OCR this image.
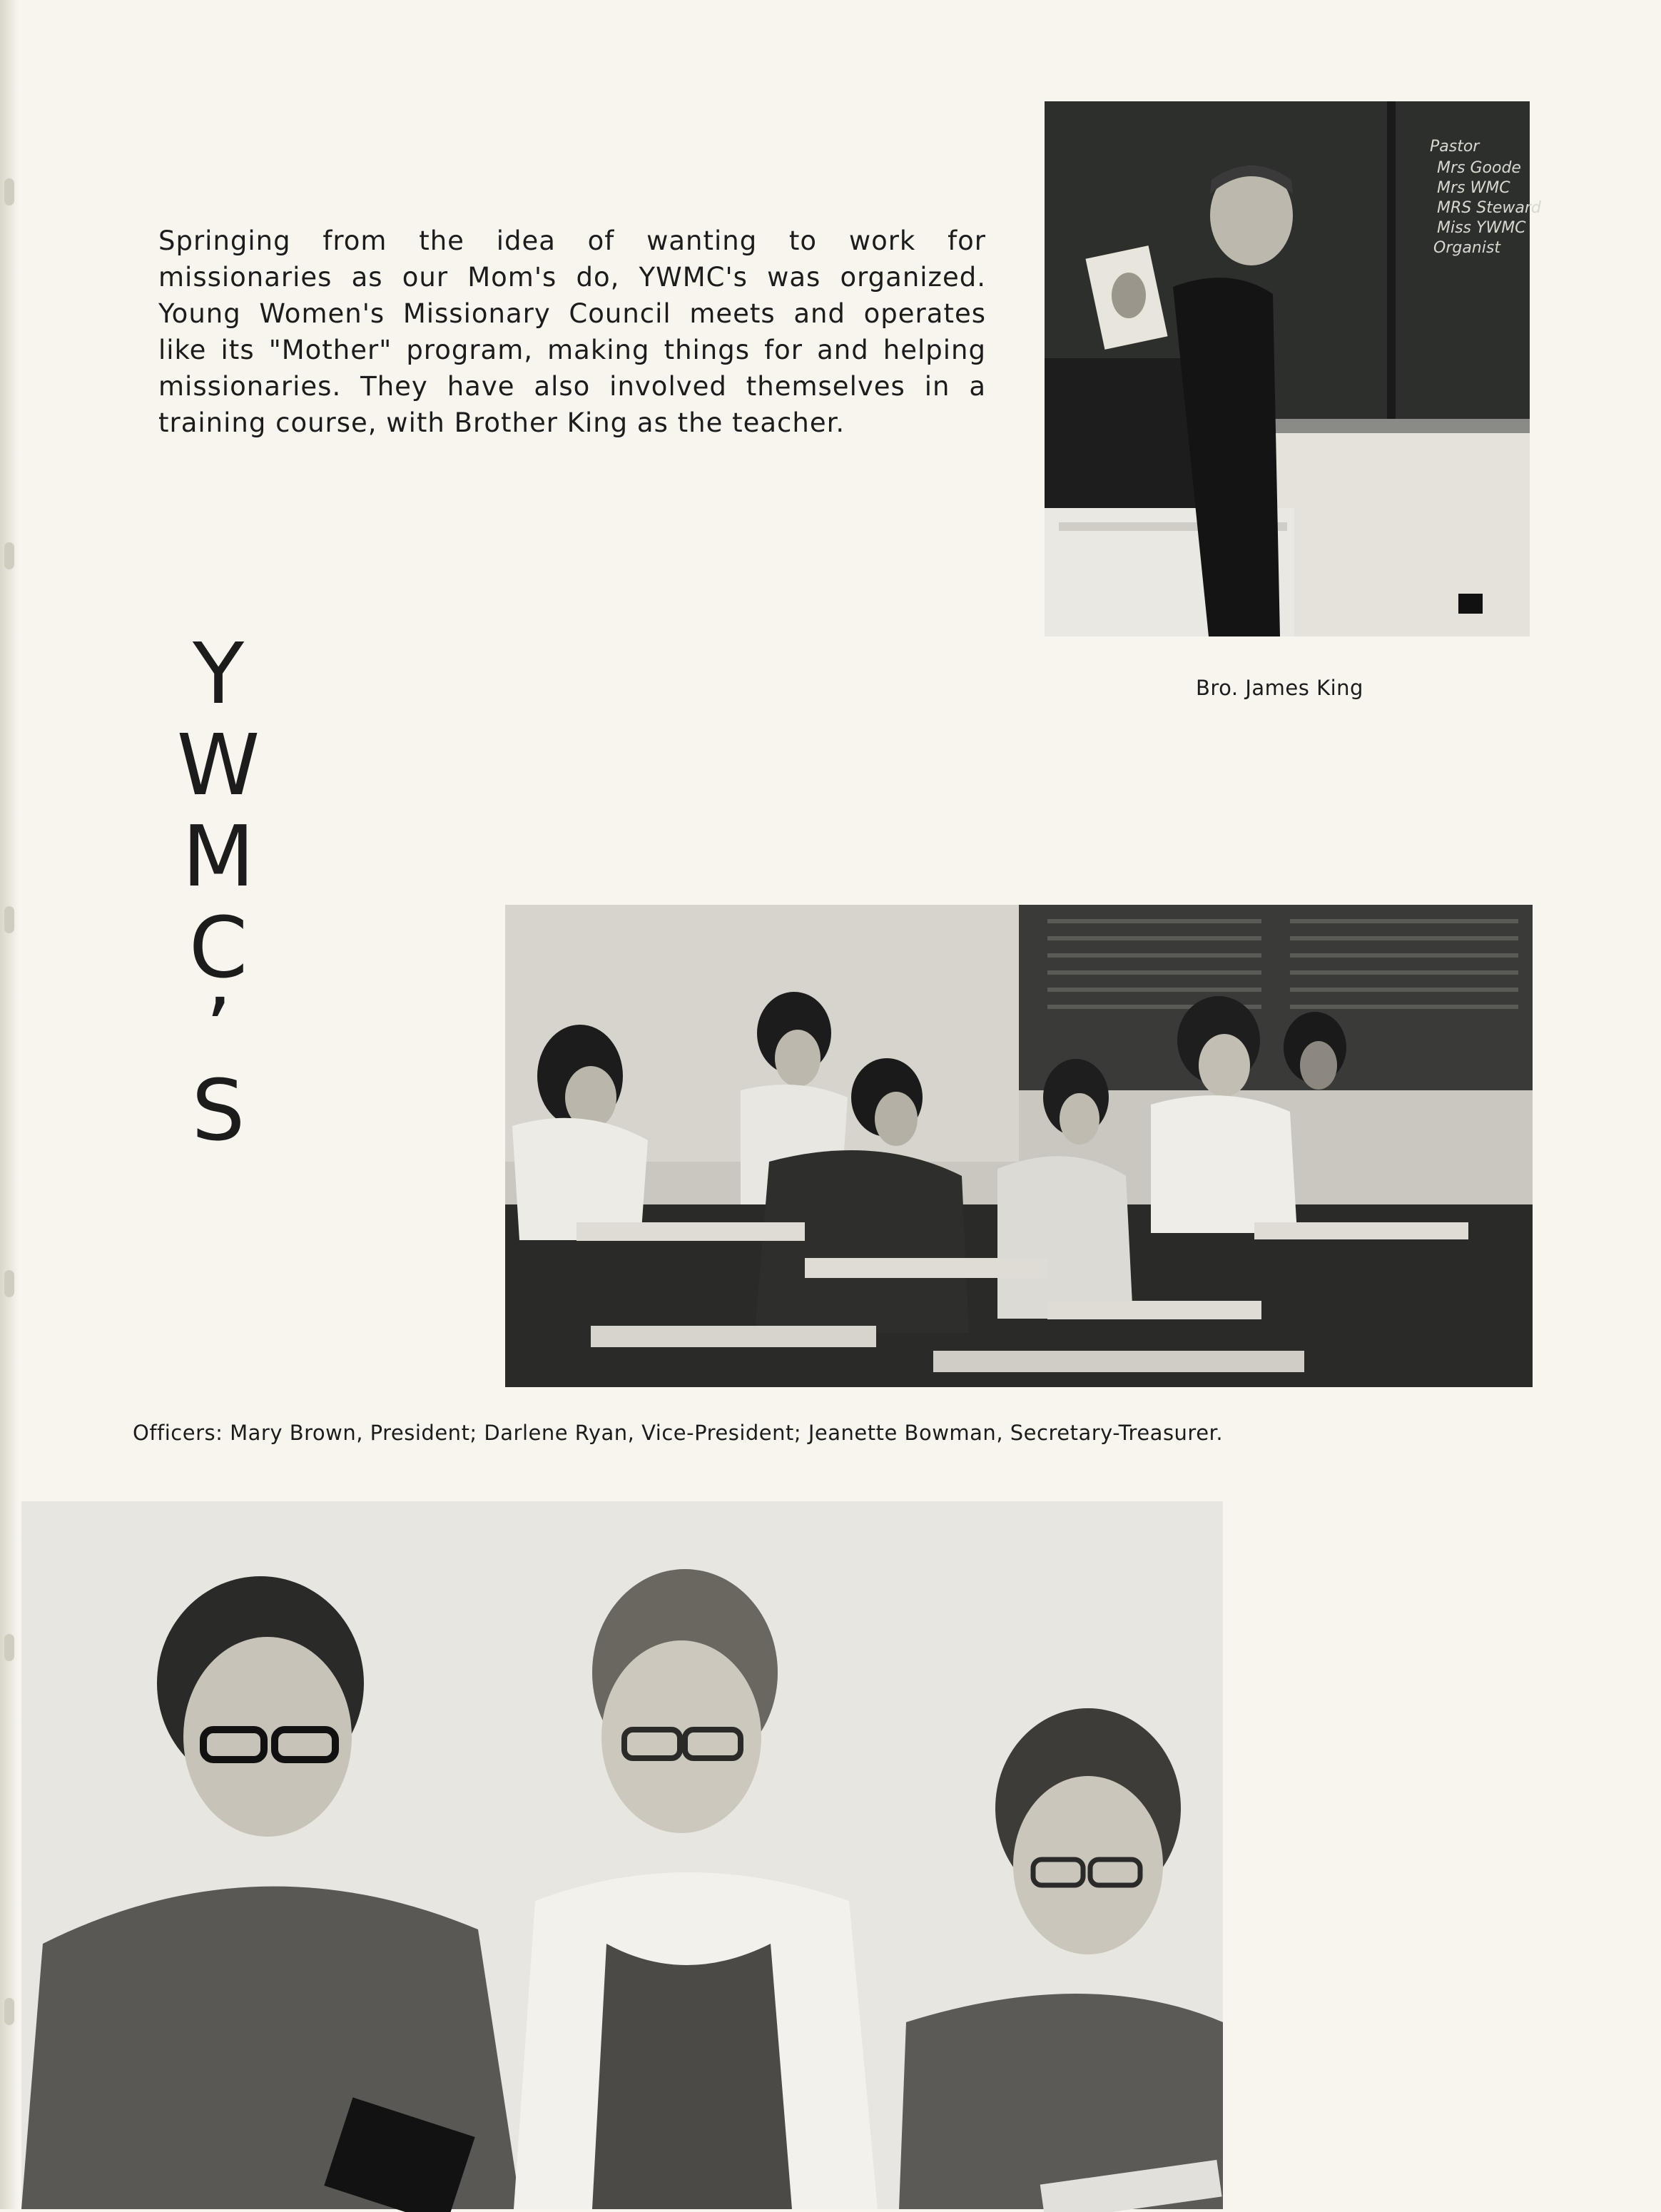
Springing from the idea of wanting to work for missionaries as our Mom's do, YWMC's was organized. Young Women's Missionary Council meets and operates like its "Mother" program, making things for and helping missionaries. They have also involved themselves in a training course, with Brother King as the teacher.

Y
W
M
C
’
S
Pastor
Mrs Goode
Mrs WMC
MRS Steward
Miss YWMC
Organist

Bro. James King

Officers: Mary Brown, President; Darlene Ryan, Vice-President; Jeanette Bowman, Secretary-Treasurer.
